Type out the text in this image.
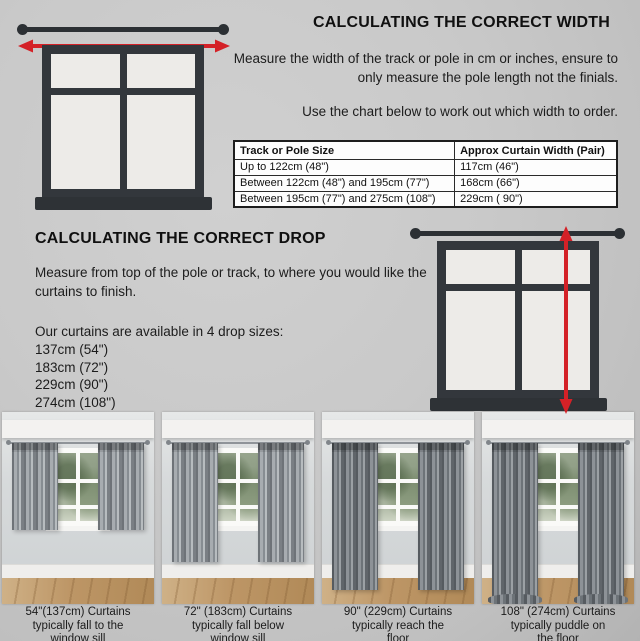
CALCULATING THE CORRECT WIDTH

Measure the width of the track or pole in cm or inches, ensure to only measure the pole length not the finials.

Use the chart below to work out which width to order.

Track or Pole Size	Approx Curtain Width (Pair)
Up to 122cm (48")	117cm (46")
Between 122cm (48") and 195cm (77")	168cm (66")
Between 195cm (77") and 275cm (108")	229cm ( 90")
CALCULATING THE CORRECT DROP

Measure from top of the pole or track, to where you would like the curtains to finish.

Our curtains are available in 4 drop sizes:

137cm (54")
183cm (72")
229cm (90")
274cm (108")
54"(137cm) Curtains
typically fall to the
window sill
72" (183cm) Curtains
typically fall below
window sill
90" (229cm) Curtains
typically reach the
floor
108" (274cm) Curtains
typically puddle on
the floor
